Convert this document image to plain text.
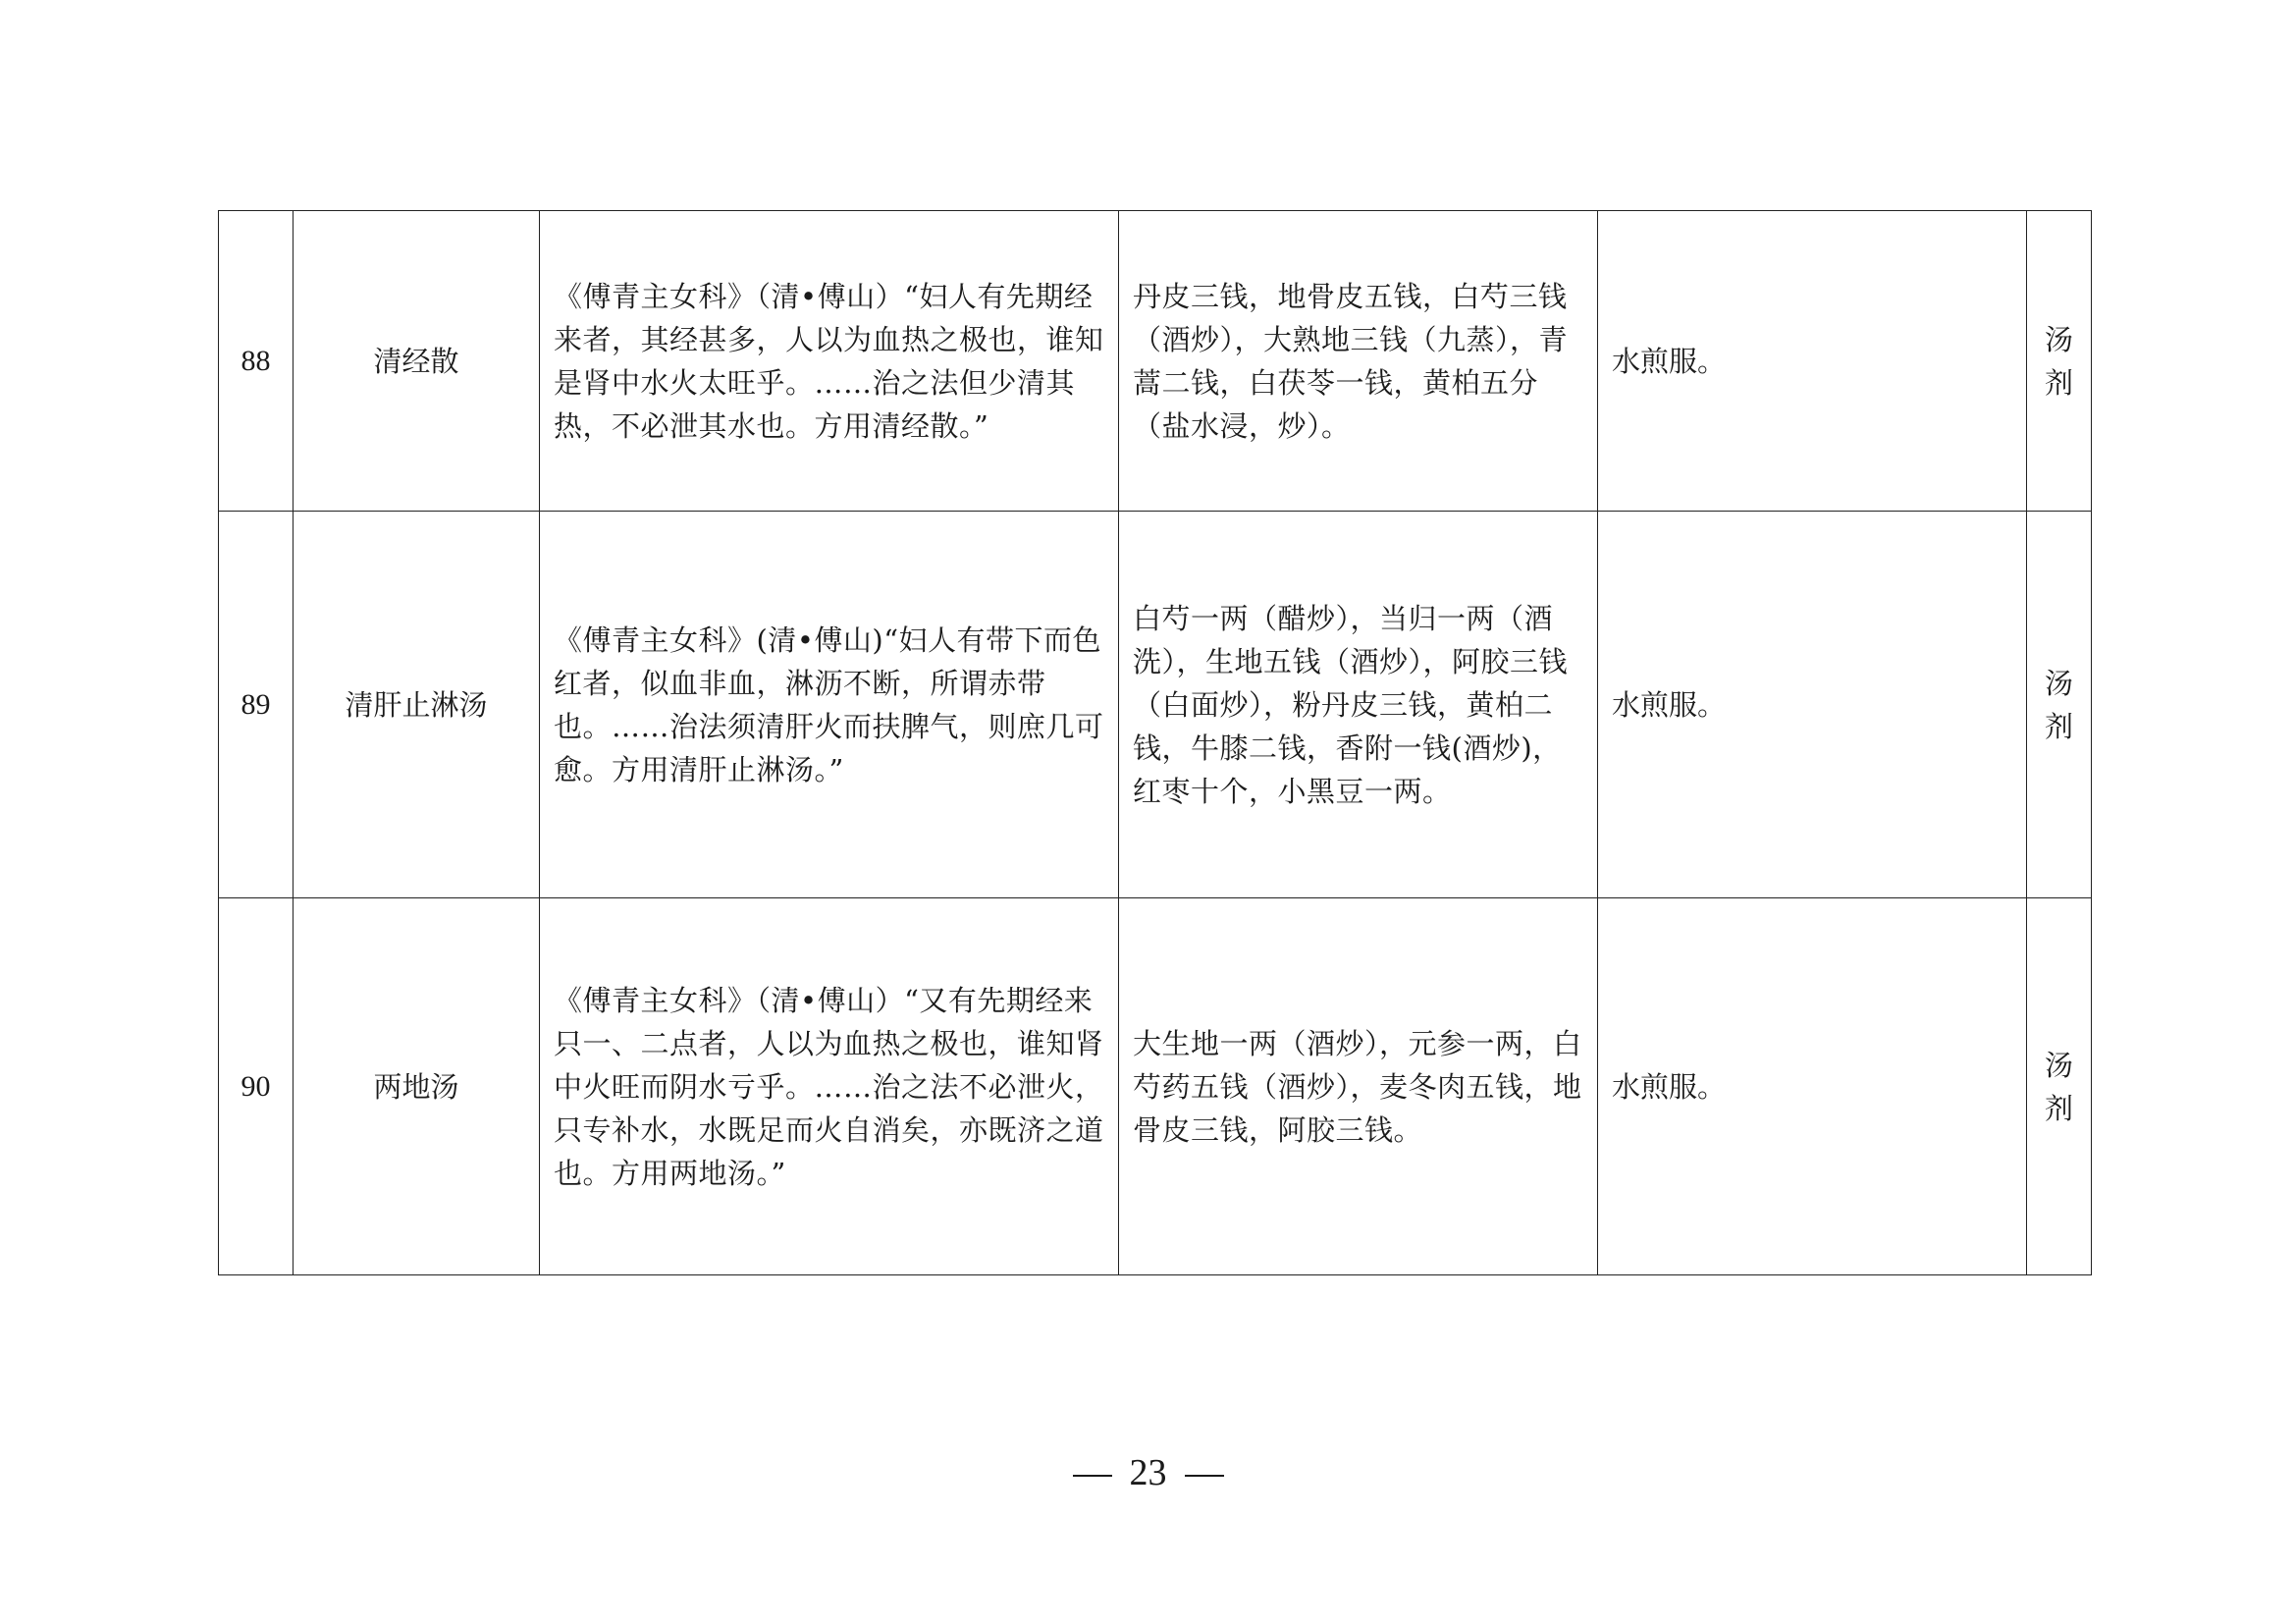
88	清经散	《傅青主女科》（清•傅山）“妇人有先期经来者，其经甚多，人以为血热之极也，谁知是肾中水火太旺乎。……治之法但少清其热，不必泄其水也。方用清经散。”	丹皮三钱，地骨皮五钱，白芍三钱（酒炒），大熟地三钱（九蒸），青蒿二钱，白茯苓一钱，黄柏五分（盐水浸，炒）。	水煎服。	汤剂
89	清肝止淋汤	《傅青主女科》(清•傅山)“妇人有带下而色红者，似血非血，淋沥不断，所谓赤带也。……治法须清肝火而扶脾气，则庶几可愈。方用清肝止淋汤。”	白芍一两（醋炒），当归一两（酒洗），生地五钱（酒炒），阿胶三钱（白面炒），粉丹皮三钱，黄柏二钱，牛膝二钱，香附一钱(酒炒)，红枣十个，小黑豆一两。	水煎服。	汤剂
90	两地汤	《傅青主女科》（清•傅山）“又有先期经来只一、二点者，人以为血热之极也，谁知肾中火旺而阴水亏乎。……治之法不必泄火，只专补水，水既足而火自消矣，亦既济之道也。方用两地汤。”	大生地一两（酒炒），元参一两，白芍药五钱（酒炒），麦冬肉五钱，地骨皮三钱，阿胶三钱。	水煎服。	汤剂
23
